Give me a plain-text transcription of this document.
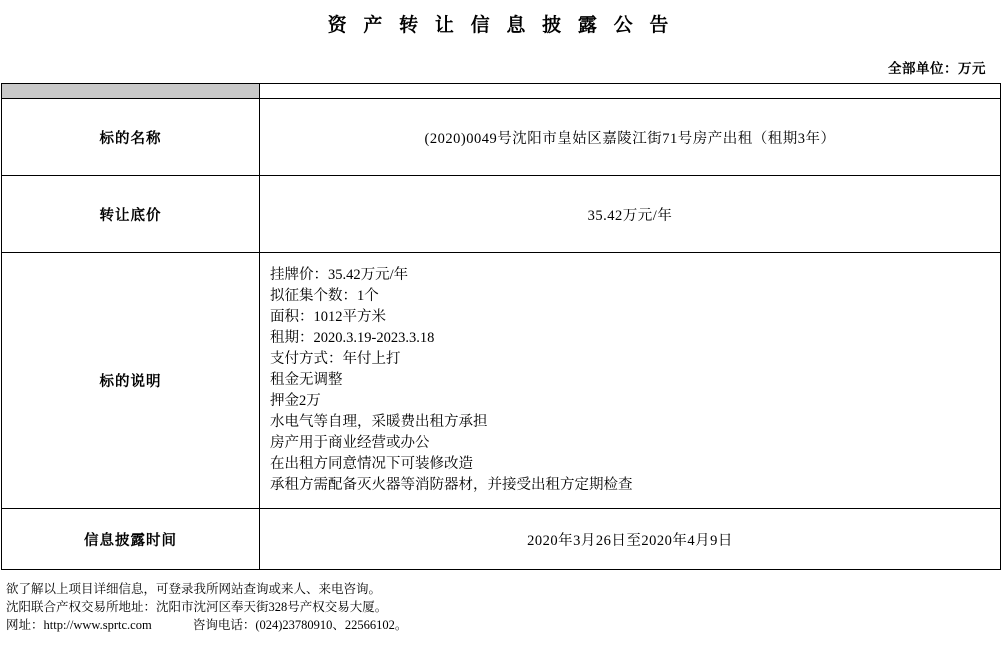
资 产 转 让 信 息 披 露 公 告
全部单位：万元

标的名称	(2020)0049号沈阳市皇姑区嘉陵江街71号房产出租（租期3年）
转让底价	35.42万元/年
标的说明	
挂牌价：35.42万元/年
拟征集个数：1个
面积：1012平方米
租期：2020.3.19-2023.3.18
支付方式：年付上打
租金无调整
押金2万
水电气等自理，采暖费出租方承担
房产用于商业经营或办公
在出租方同意情况下可装修改造
承租方需配备灭火器等消防器材，并接受出租方定期检查

信息披露时间	2020年3月26日至2020年4月9日
欲了解以上项目详细信息，可登录我所网站查询或来人、来电咨询。
沈阳联合产权交易所地址：沈阳市沈河区奉天街328号产权交易大厦。
网址：http://www.sprtc.com	咨询电话：(024)23780910、22566102。
